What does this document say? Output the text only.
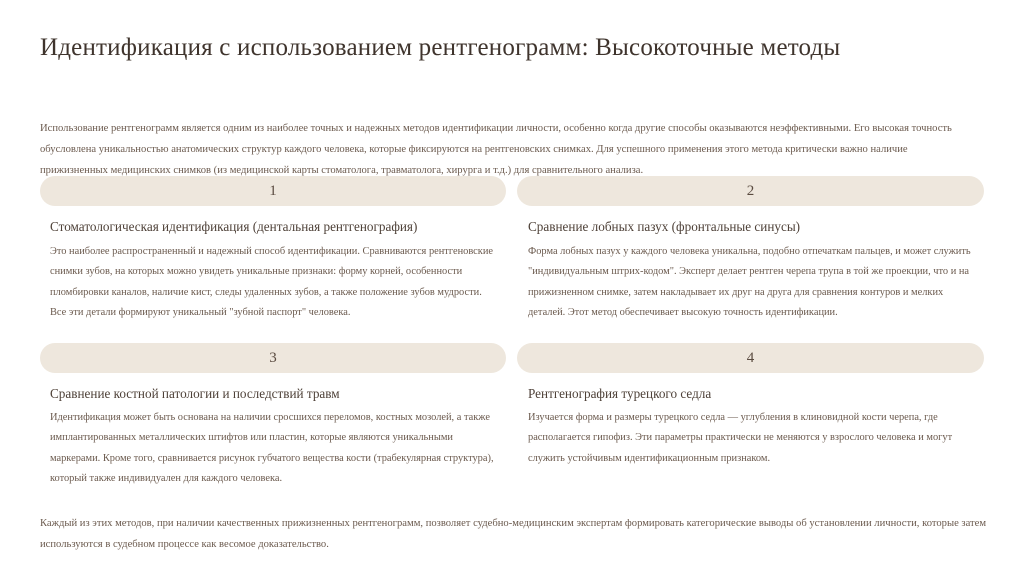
Идентификация с использованием рентгенограмм: Высокоточные методы
Использование рентгенограмм является одним из наиболее точных и надежных методов идентификации личности, особенно когда другие способы оказываются неэффективными. Его высокая точность обусловлена уникальностью анатомических структур каждого человека, которые фиксируются на рентгеновских снимках. Для успешного применения этого метода критически важно наличие прижизненных медицинских снимков (из медицинской карты стоматолога, травматолога, хирурга и т.д.) для сравнительного анализа.
1
Стоматологическая идентификация (дентальная рентгенография)
Это наиболее распространенный и надежный способ идентификации. Сравниваются рентгеновские снимки зубов, на которых можно увидеть уникальные признаки: форму корней, особенности пломбировки каналов, наличие кист, следы удаленных зубов, а также положение зубов мудрости. Все эти детали формируют уникальный "зубной паспорт" человека.
2
Сравнение лобных пазух (фронтальные синусы)
Форма лобных пазух у каждого человека уникальна, подобно отпечаткам пальцев, и может служить "индивидуальным штрих-кодом". Эксперт делает рентген черепа трупа в той же проекции, что и на прижизненном снимке, затем накладывает их друг на друга для сравнения контуров и мелких деталей. Этот метод обеспечивает высокую точность идентификации.
3
Сравнение костной патологии и последствий травм
Идентификация может быть основана на наличии сросшихся переломов, костных мозолей, а также имплантированных металлических штифтов или пластин, которые являются уникальными маркерами. Кроме того, сравнивается рисунок губчатого вещества кости (трабекулярная структура), который также индивидуален для каждого человека.
4
Рентгенография турецкого седла
Изучается форма и размеры турецкого седла — углубления в клиновидной кости черепа, где располагается гипофиз. Эти параметры практически не меняются у взрослого человека и могут служить устойчивым идентификационным признаком.
Каждый из этих методов, при наличии качественных прижизненных рентгенограмм, позволяет судебно-медицинским экспертам формировать категорические выводы об установлении личности, которые затем используются в судебном процессе как весомое доказательство.
